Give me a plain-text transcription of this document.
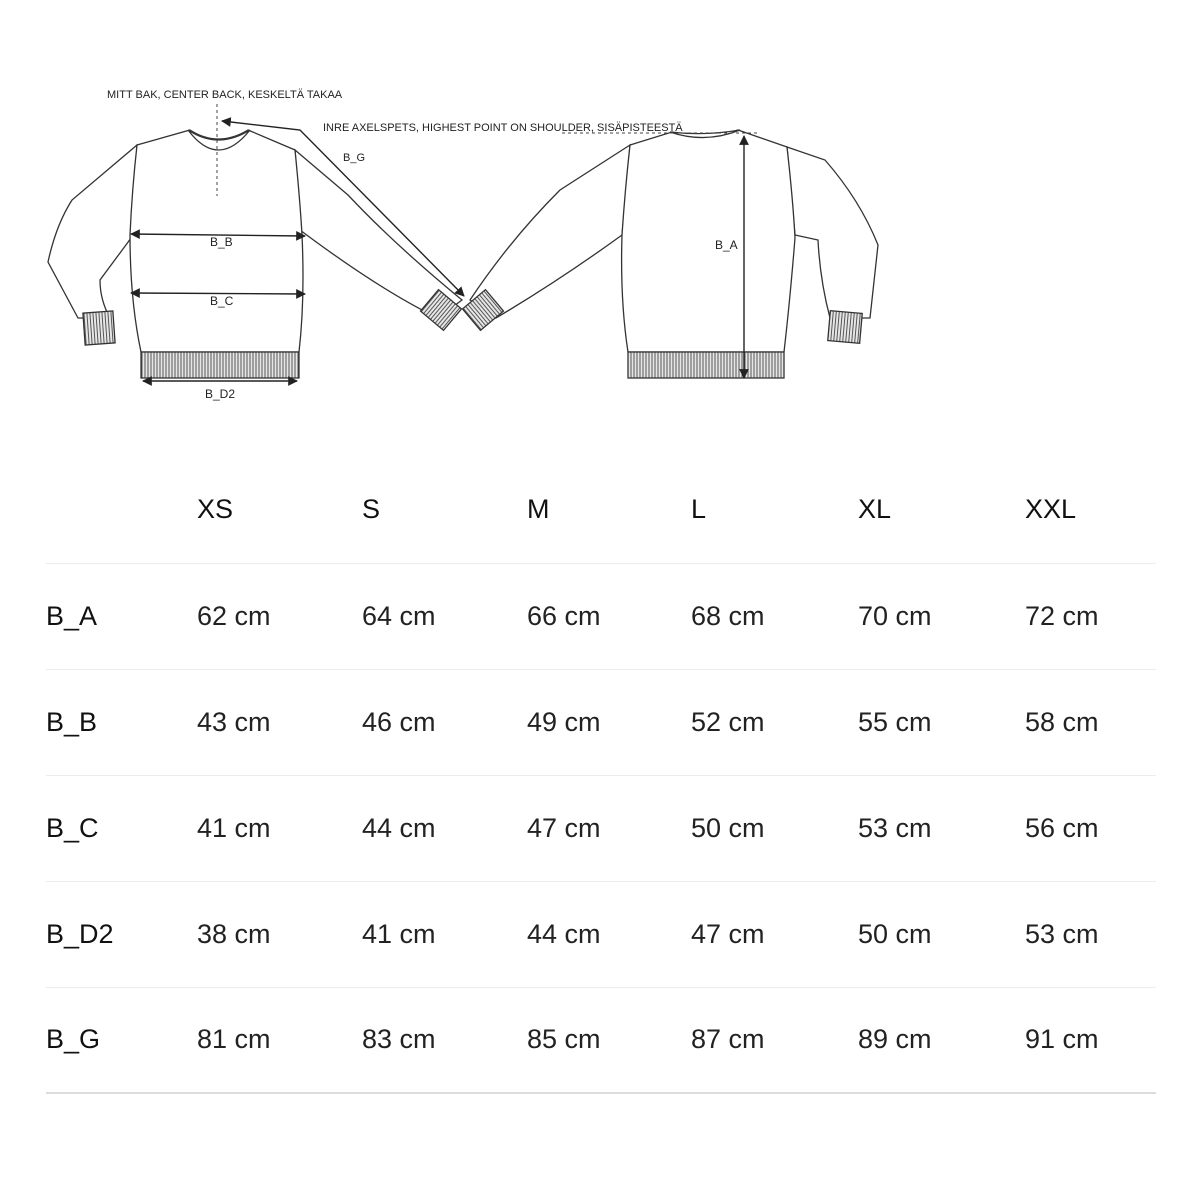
MITT BAK, CENTER BACK, KESKELTÄ TAKAA
B_G
B_B
B_C
B_D2
INRE AXELSPETS, HIGHEST POINT ON SHOULDER, SISÄPISTEESTÄ
B_A
	XS	S	M	L	XL	XXL
B_A	62 cm	64 cm	66 cm	68 cm	70 cm	72 cm
B_B	43 cm	46 cm	49 cm	52 cm	55 cm	58 cm
B_C	41 cm	44 cm	47 cm	50 cm	53 cm	56 cm
B_D2	38 cm	41 cm	44 cm	47 cm	50 cm	53 cm
B_G	81 cm	83 cm	85 cm	87 cm	89 cm	91 cm
